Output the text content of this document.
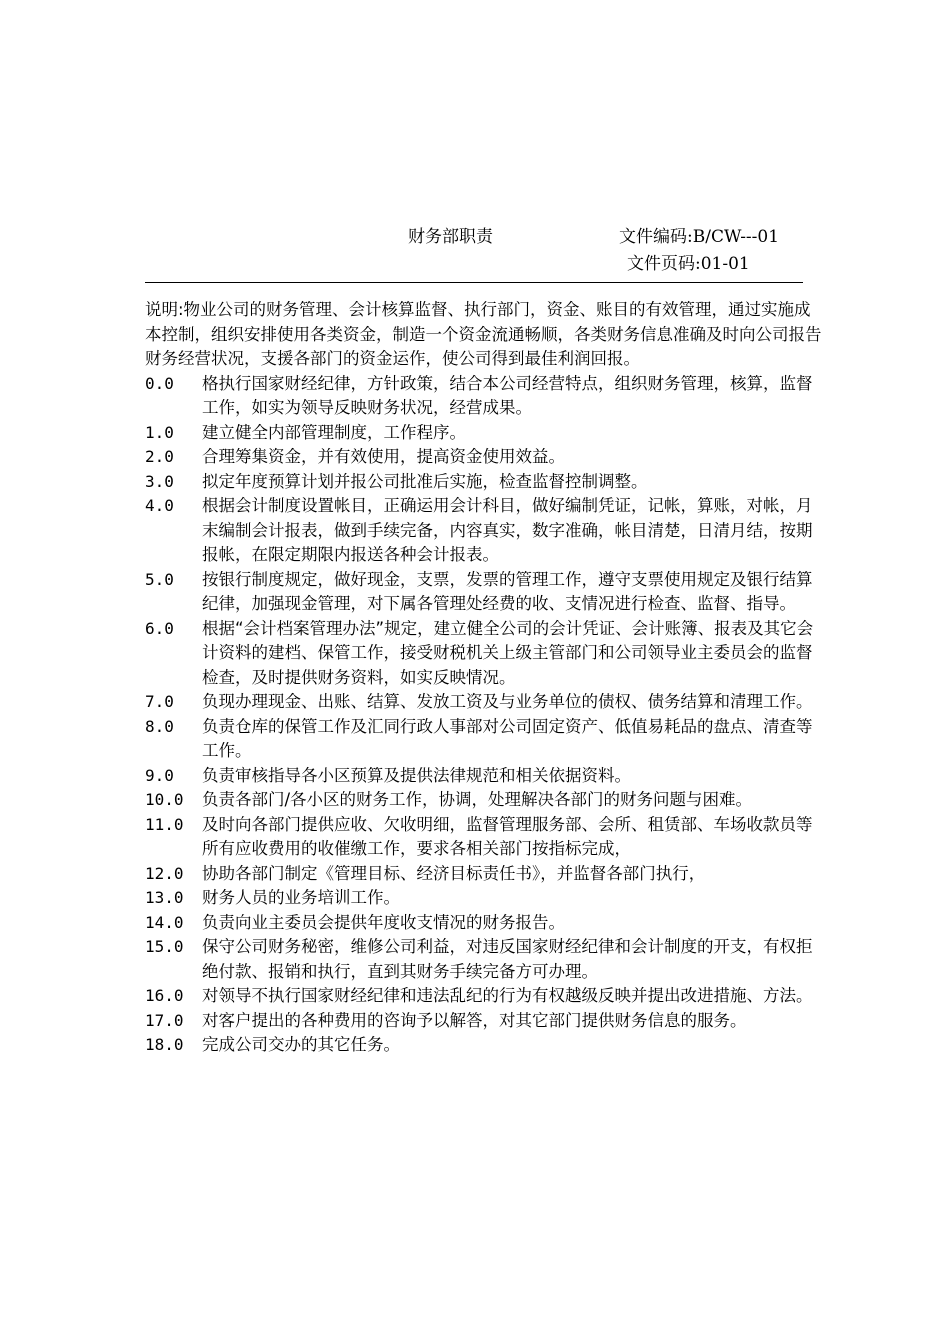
财务部职责	文件编码:B/CW---01
文件页码:01-01

说明:物业公司的财务管理、会计核算监督、执行部门，资金、账目的有效管理，通过实施成本控制，组织安排使用各类资金，制造一个资金流通畅顺，各类财务信息准确及时向公司报告财务经营状况，支援各部门的资金运作，使公司得到最佳利润回报。

0.0	格执行国家财经纪律，方针政策，结合本公司经营特点，组织财务管理，核算，监督工作，如实为领导反映财务状况，经营成果。
1.0	建立健全内部管理制度，工作程序。
2.0	合理筹集资金，并有效使用，提高资金使用效益。
3.0	拟定年度预算计划并报公司批准后实施，检查监督控制调整。
4.0	根据会计制度设置帐目，正确运用会计科目，做好编制凭证，记帐，算账，对帐，月末编制会计报表，做到手续完备，内容真实，数字准确，帐目清楚，日清月结，按期报帐，在限定期限内报送各种会计报表。
5.0	按银行制度规定，做好现金，支票，发票的管理工作，遵守支票使用规定及银行结算纪律，加强现金管理，对下属各管理处经费的收、支情况进行检查、监督、指导。
6.0	根据“会计档案管理办法”规定，建立健全公司的会计凭证、会计账簿、报表及其它会计资料的建档、保管工作，接受财税机关上级主管部门和公司领导业主委员会的监督检查，及时提供财务资料，如实反映情况。
7.0	负现办理现金、出账、结算、发放工资及与业务单位的债权、债务结算和清理工作。
8.0	负责仓库的保管工作及汇同行政人事部对公司固定资产、低值易耗品的盘点、清查等工作。
9.0	负责审核指导各小区预算及提供法律规范和相关依据资料。
10.0	负责各部门/各小区的财务工作，协调，处理解决各部门的财务问题与困难。
11.0	及时向各部门提供应收、欠收明细，监督管理服务部、会所、租赁部、车场收款员等所有应收费用的收催缴工作，要求各相关部门按指标完成，
12.0	协助各部门制定《管理目标、经济目标责任书》，并监督各部门执行，
13.0	财务人员的业务培训工作。
14.0	负责向业主委员会提供年度收支情况的财务报告。
15.0	保守公司财务秘密，维修公司利益，对违反国家财经纪律和会计制度的开支，有权拒绝付款、报销和执行，直到其财务手续完备方可办理。
16.0	对领导不执行国家财经纪律和违法乱纪的行为有权越级反映并提出改进措施、方法。
17.0	对客户提出的各种费用的咨询予以解答，对其它部门提供财务信息的服务。
18.0	完成公司交办的其它任务。
